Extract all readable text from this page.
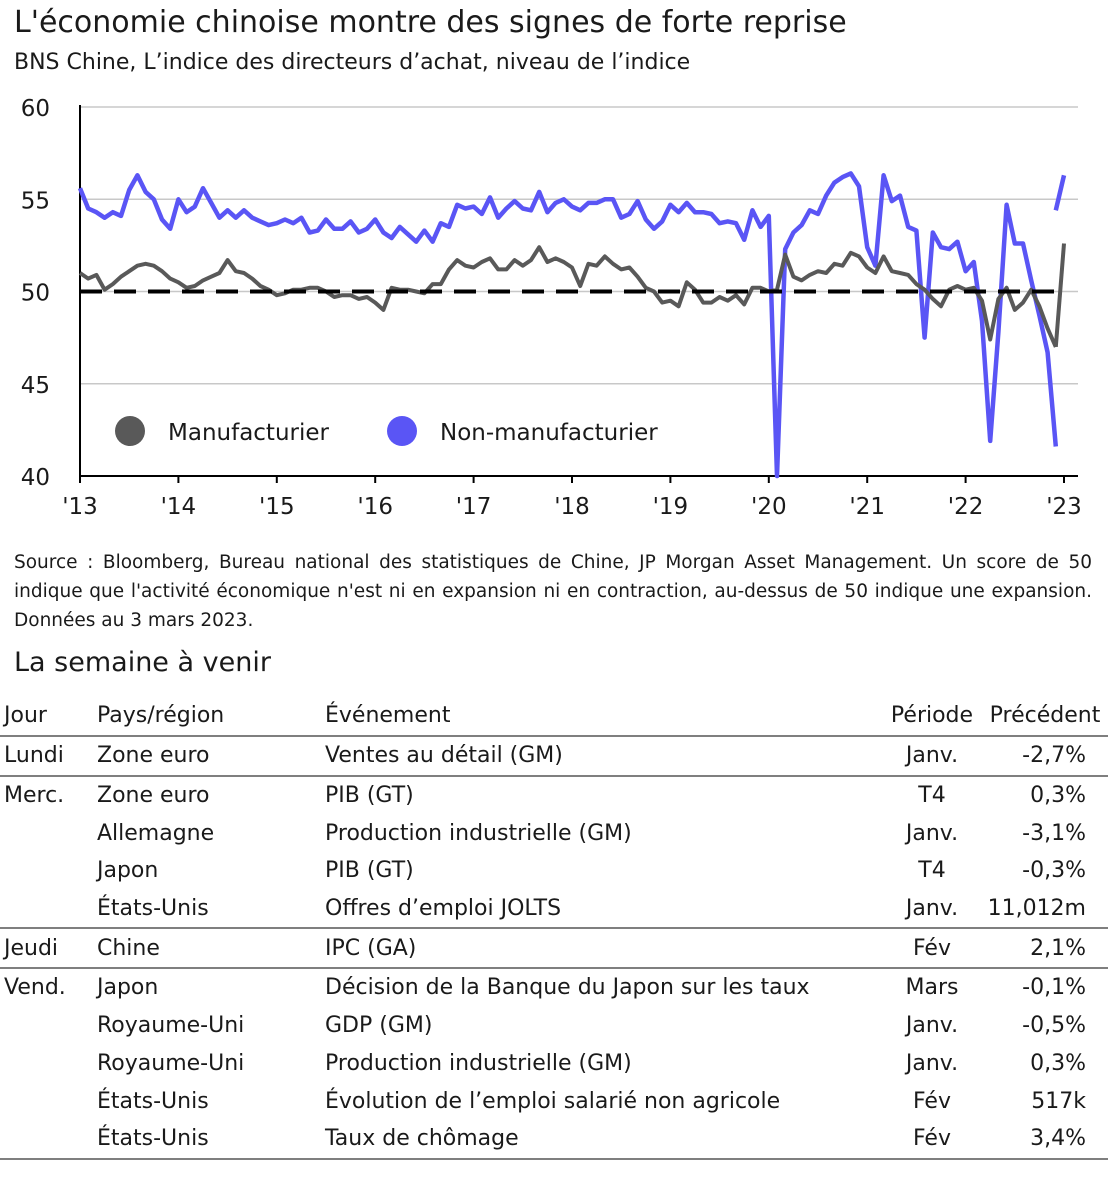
L'économie chinoise montre des signes de forte reprise
BNS Chine, L’indice des directeurs d’achat, niveau de l’indice
60
55
50
45
40
'13	'14	'15	'16	'17	'18	'19	'20	'21	'22	'23
Manufacturier	Non-manufacturier
Source : Bloomberg, Bureau national des statistiques de Chine, JP Morgan Asset Management. Un score de 50 indique que l'activité économique n'est ni en expansion ni en contraction, au-dessus de 50 indique une expansion. Données au 3 mars 2023.
La semaine à venir
Jour	Pays/région	Événement	Période	Précédent
Lundi	Zone euro	Ventes au détail (GM)	Janv.	-2,7%
Merc.	Zone euro	PIB (GT)	T4	0,3%
	Allemagne	Production industrielle (GM)	Janv.	-3,1%
	Japon	PIB (GT)	T4	-0,3%
	États-Unis	Offres d’emploi JOLTS	Janv.	11,012m
Jeudi	Chine	IPC (GA)	Fév	2,1%
Vend.	Japon	Décision de la Banque du Japon sur les taux	Mars	-0,1%
	Royaume-Uni	GDP (GM)	Janv.	-0,5%
	Royaume-Uni	Production industrielle (GM)	Janv.	0,3%
	États-Unis	Évolution de l’emploi salarié non agricole	Fév	517k
	États-Unis	Taux de chômage	Fév	3,4%
